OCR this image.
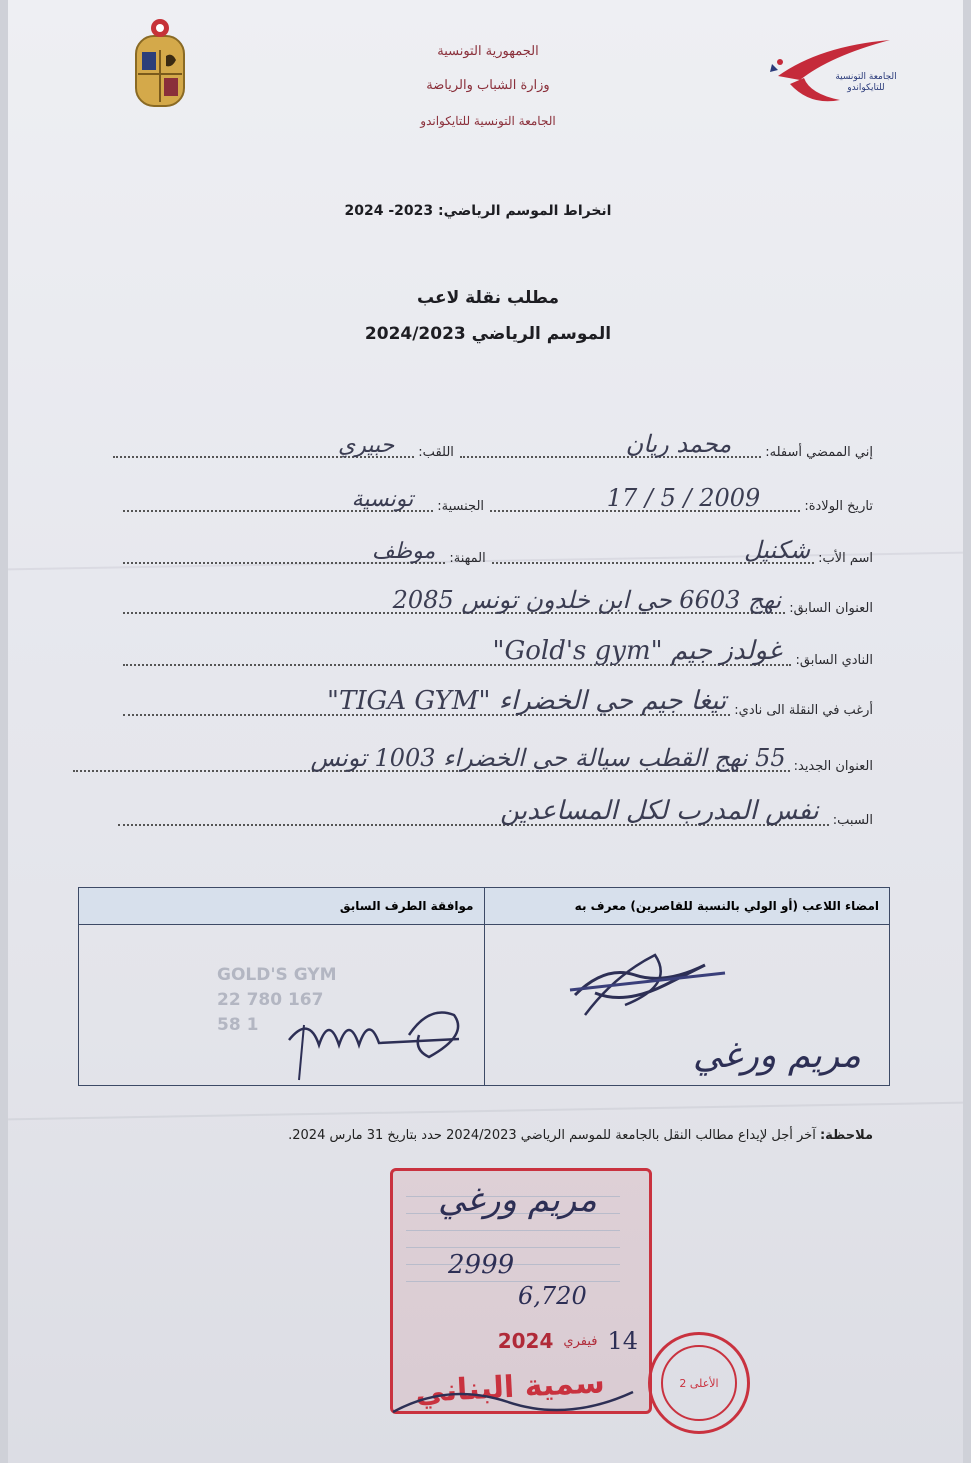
الجمهورية التونسية
وزارة الشباب والرياضة
الجامعة التونسية للتايكواندو
الجامعة التونسية للتايكواندو
انخراط الموسم الرياضي: 2023- 2024
مطلب نقلة لاعب
الموسم الرياضي 2024/2023
إني الممضي أسفله:
محمد ريان
اللقب:
حبيري
تاريخ الولادة:
17 / 5 / 2009
الجنسية:
تونسية
اسم الأب:
شكنيل
المهنة:
موظف
العنوان السابق:
نهج 6603 حي ابن خلدون تونس 2085
النادي السابق:
غولدز جيم "Gold's gym"
أرغب في النقلة الى نادي:
تيغا جيم حي الخضراء "TIGA GYM"
العنوان الجديد:
55 نهج القطب سيالة حي الخضراء 1003 تونس
السبب:
نفس المدرب لكل المساعدين
امضاء اللاعب (أو الولي بالنسبة للقاصرين) معرف به	موافقة الطرف السابق

مريم ورغي	GOLD'S GYM
22 780 167
58 1
ملاحظة: آخر أجل لإيداع مطالب النقل بالجامعة للموسم الرياضي 2024/2023 حدد بتاريخ 31 مارس 2024.
مريم ورغي
2999
6,720
14
فيفري
2024
سمية البناني	الأعلى 2
